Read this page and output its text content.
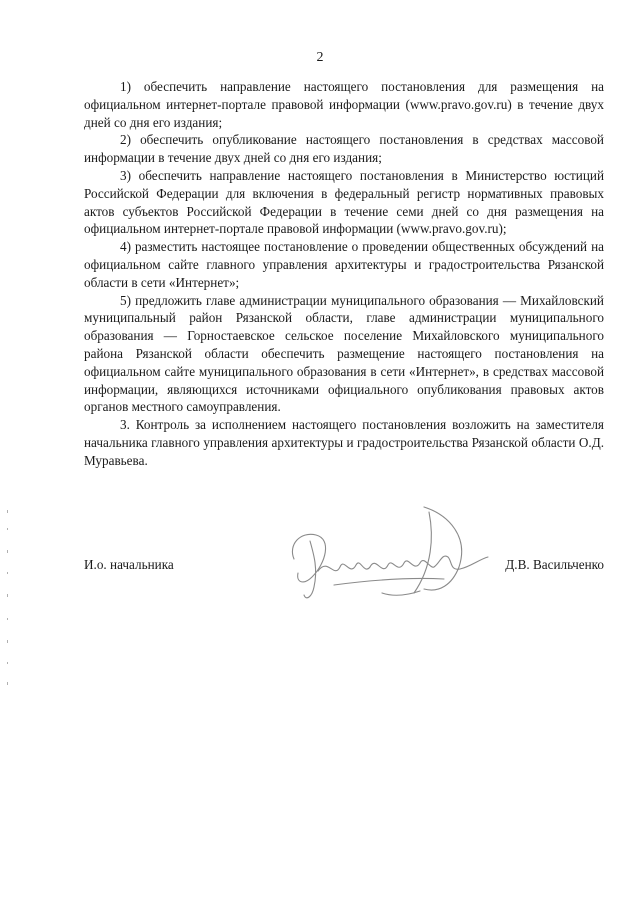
2

1) обеспечить направление настоящего постановления для размещения на официальном интернет-портале правовой информации (www.pravo.gov.ru) в течение двух дней со дня его издания;

2) обеспечить опубликование настоящего постановления в средствах массовой информации в течение двух дней со дня его издания;

3) обеспечить направление настоящего постановления в Министерство юстиций Российской Федерации для включения в федеральный регистр нормативных правовых актов субъектов Российской Федерации в течение семи дней со дня размещения на официальном интернет-портале правовой информации (www.pravo.gov.ru);

4) разместить настоящее постановление о проведении общественных обсуждений на официальном сайте главного управления архитектуры и градостроительства Рязанской области в сети «Интернет»;

5) предложить главе администрации муниципального образования — Михайловский муниципальный район Рязанской области, главе администрации муниципального образования — Горностаевское сельское поселение Михайловского муниципального района Рязанской области обеспечить размещение настоящего постановления на официальном сайте муниципального образования в сети «Интернет», в средствах массовой информации, являющихся источниками официального опубликования правовых актов органов местного самоуправления.

3. Контроль за исполнением настоящего постановления возложить на заместителя начальника главного управления архитектуры и градостроительства Рязанской области О.Д. Муравьева.

И.о. начальника	Д.В. Васильченко
